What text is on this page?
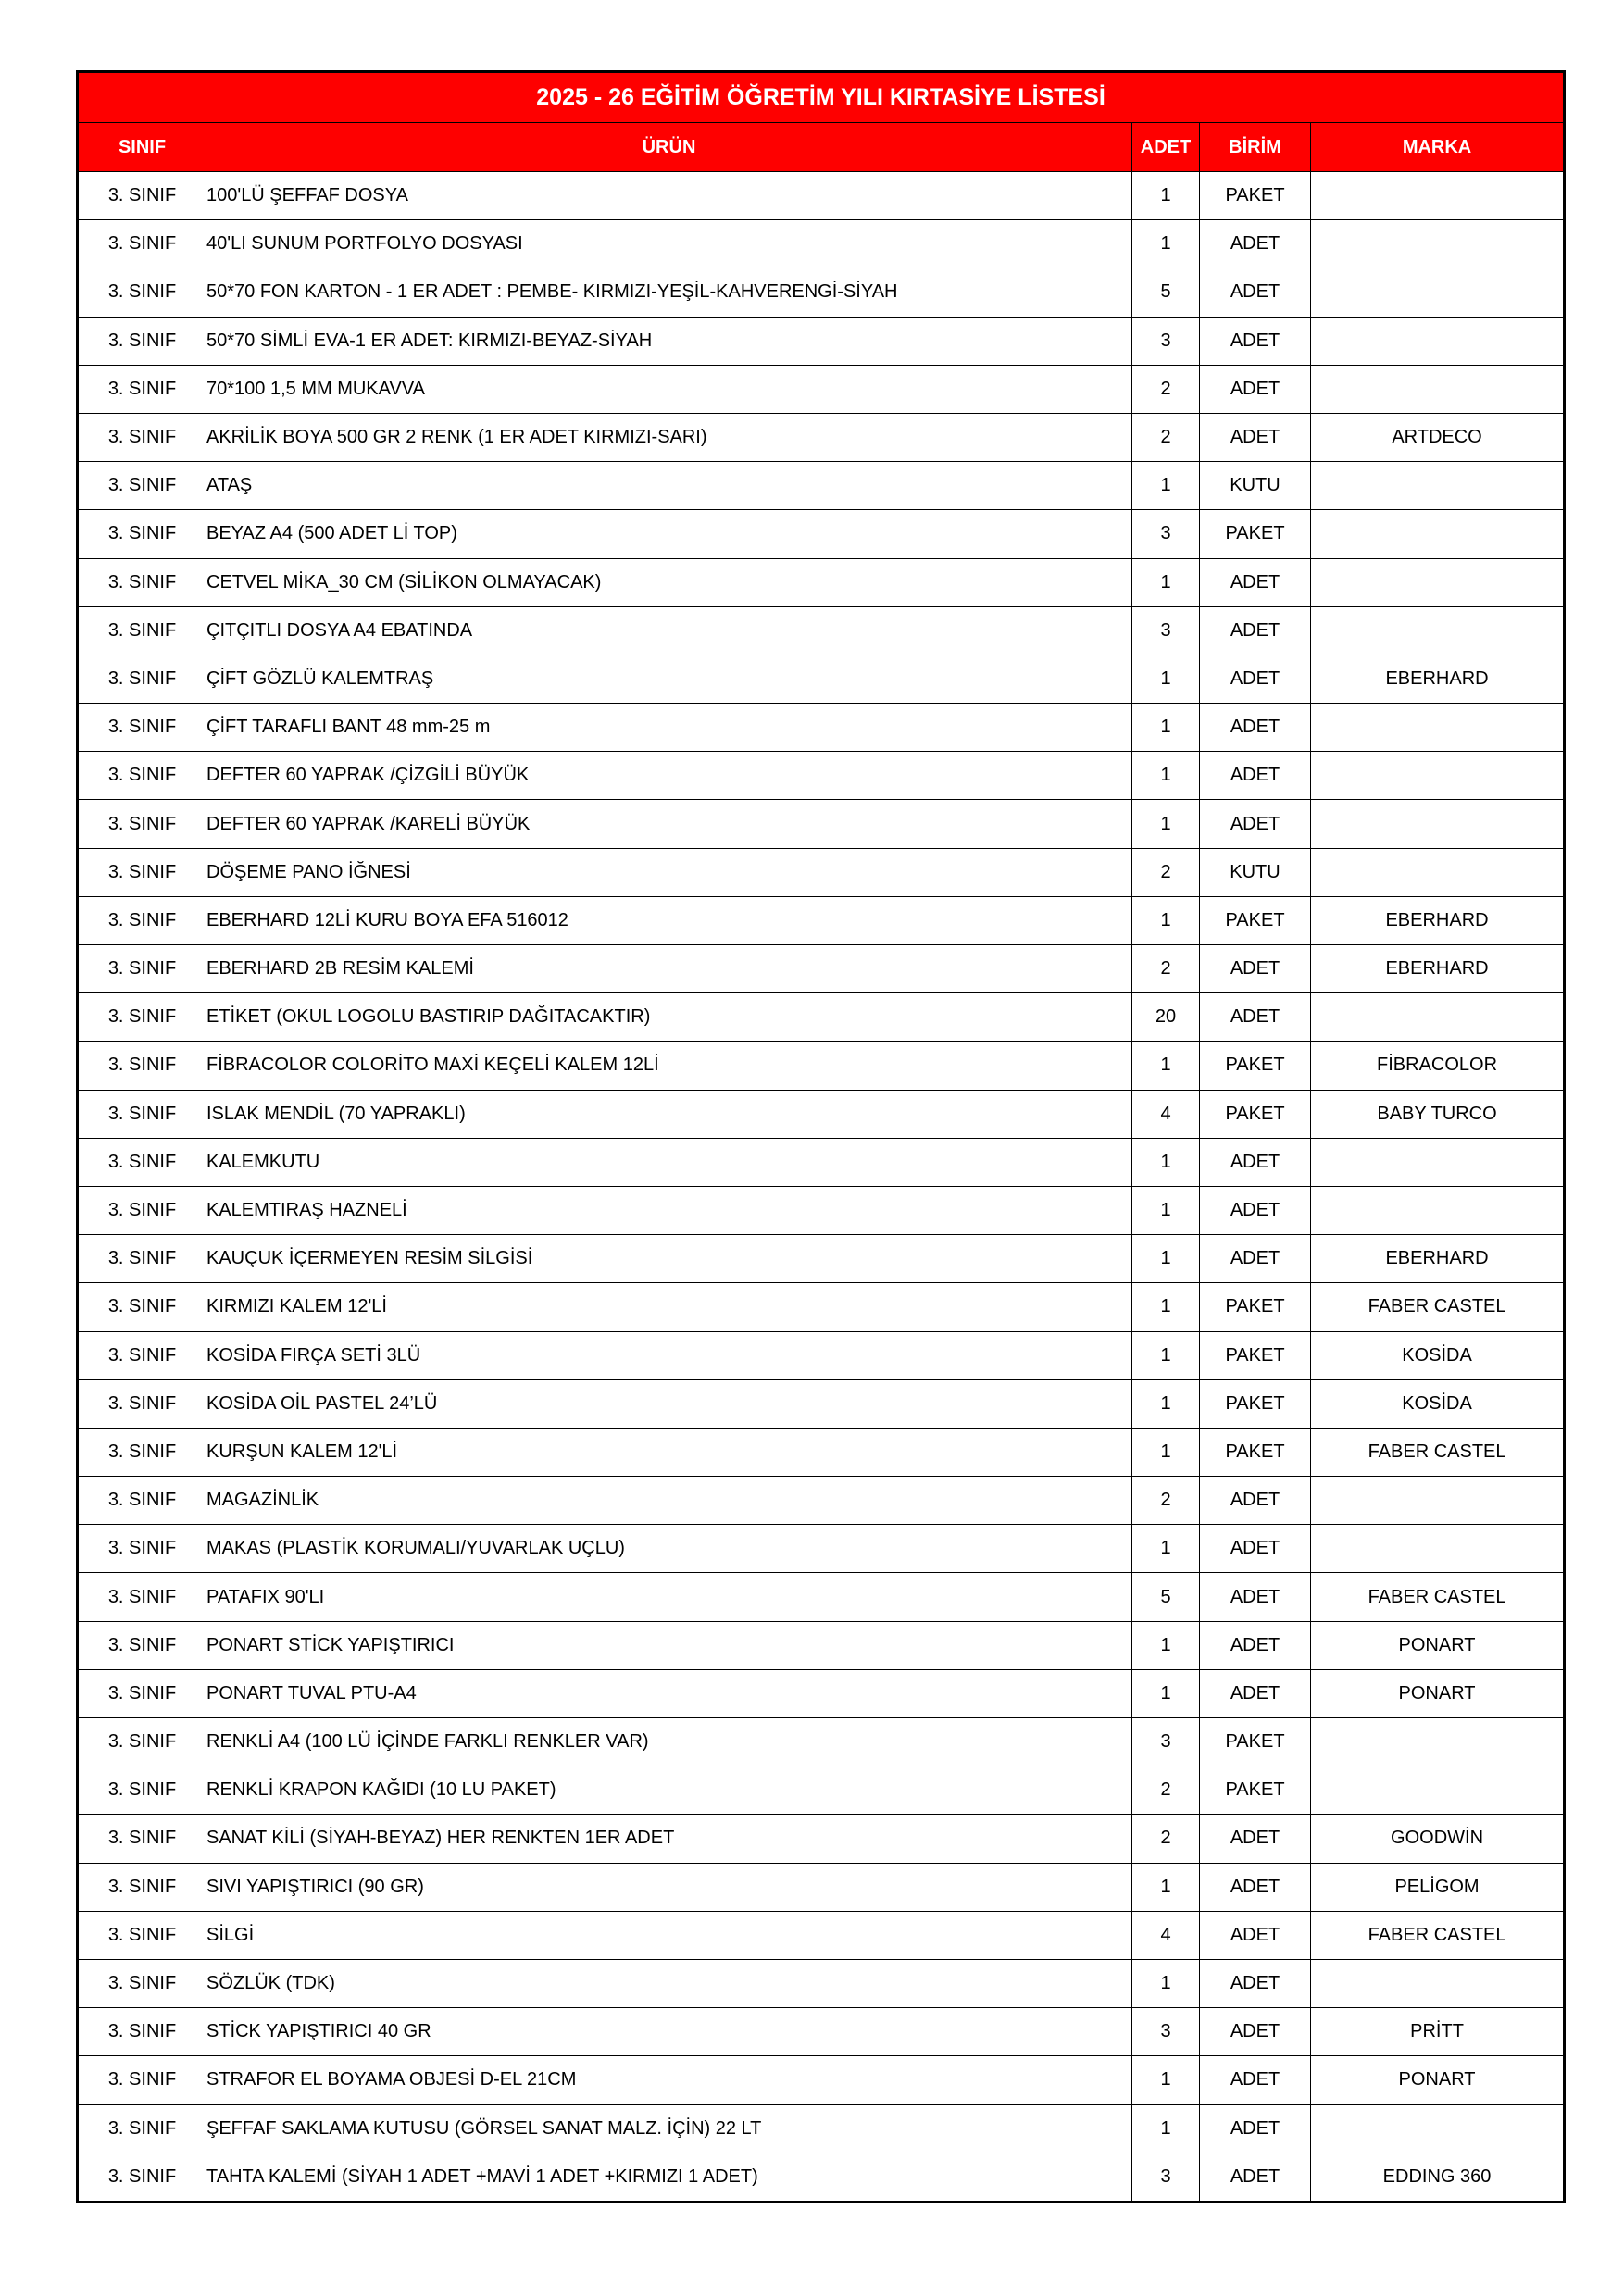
2025 - 26 EĞİTİM ÖĞRETİM YILI KIRTASİYE LİSTESİ				
SINIF	ÜRÜN	ADET	BİRİM	MARKA
3. SINIF	100'LÜ ŞEFFAF DOSYA	1	PAKET	
3. SINIF	40'LI SUNUM PORTFOLYO DOSYASI	1	ADET	
3. SINIF	50*70 FON KARTON - 1 ER ADET : PEMBE- KIRMIZI-YEŞİL-KAHVERENGİ-SİYAH	5	ADET	
3. SINIF	50*70 SİMLİ EVA-1 ER ADET: KIRMIZI-BEYAZ-SİYAH	3	ADET	
3. SINIF	70*100 1,5 MM MUKAVVA	2	ADET	
3. SINIF	AKRİLİK BOYA 500 GR 2 RENK (1 ER ADET KIRMIZI-SARI)	2	ADET	ARTDECO
3. SINIF	ATAŞ	1	KUTU	
3. SINIF	BEYAZ A4 (500 ADET Lİ TOP)	3	PAKET	
3. SINIF	CETVEL MİKA_30 CM (SİLİKON OLMAYACAK)	1	ADET	
3. SINIF	ÇITÇITLI DOSYA A4 EBATINDA	3	ADET	
3. SINIF	ÇİFT GÖZLÜ KALEMTRAŞ	1	ADET	EBERHARD
3. SINIF	ÇİFT TARAFLI BANT 48 mm-25 m	1	ADET	
3. SINIF	DEFTER 60 YAPRAK /ÇİZGİLİ BÜYÜK	1	ADET	
3. SINIF	DEFTER 60 YAPRAK /KARELİ BÜYÜK	1	ADET	
3. SINIF	DÖŞEME PANO İĞNESİ	2	KUTU	
3. SINIF	EBERHARD 12Lİ KURU BOYA EFA 516012	1	PAKET	EBERHARD
3. SINIF	EBERHARD 2B RESİM KALEMİ	2	ADET	EBERHARD
3. SINIF	ETİKET (OKUL LOGOLU BASTIRIP DAĞITACAKTIR)	20	ADET	
3. SINIF	FİBRACOLOR COLORİTO MAXİ KEÇELİ KALEM 12Lİ	1	PAKET	FİBRACOLOR
3. SINIF	ISLAK MENDİL (70 YAPRAKLI)	4	PAKET	BABY TURCO
3. SINIF	KALEMKUTU	1	ADET	
3. SINIF	KALEMTIRAŞ HAZNELİ	1	ADET	
3. SINIF	KAUÇUK İÇERMEYEN RESİM SİLGİSİ	1	ADET	EBERHARD
3. SINIF	KIRMIZI KALEM 12'Lİ	1	PAKET	FABER CASTEL
3. SINIF	KOSİDA FIRÇA SETİ 3LÜ	1	PAKET	KOSİDA
3. SINIF	KOSİDA OİL PASTEL 24’LÜ	1	PAKET	KOSİDA
3. SINIF	KURŞUN KALEM 12'Lİ	1	PAKET	FABER CASTEL
3. SINIF	MAGAZİNLİK	2	ADET	
3. SINIF	MAKAS (PLASTİK KORUMALI/YUVARLAK UÇLU)	1	ADET	
3. SINIF	PATAFIX 90'LI	5	ADET	FABER CASTEL
3. SINIF	PONART STİCK YAPIŞTIRICI	1	ADET	PONART
3. SINIF	PONART TUVAL PTU-A4	1	ADET	PONART
3. SINIF	RENKLİ A4 (100 LÜ İÇİNDE FARKLI RENKLER VAR)	3	PAKET	
3. SINIF	RENKLİ KRAPON KAĞIDI (10 LU PAKET)	2	PAKET	
3. SINIF	SANAT KİLİ (SİYAH-BEYAZ) HER RENKTEN 1ER ADET	2	ADET	GOODWİN
3. SINIF	SIVI YAPIŞTIRICI (90 GR)	1	ADET	PELİGOM
3. SINIF	SİLGİ	4	ADET	FABER CASTEL
3. SINIF	SÖZLÜK (TDK)	1	ADET	
3. SINIF	STİCK YAPIŞTIRICI 40 GR	3	ADET	PRİTT
3. SINIF	STRAFOR EL BOYAMA OBJESİ D-EL 21CM	1	ADET	PONART
3. SINIF	ŞEFFAF SAKLAMA KUTUSU (GÖRSEL SANAT MALZ. İÇİN) 22 LT	1	ADET	
3. SINIF	TAHTA KALEMİ (SİYAH 1 ADET +MAVİ 1 ADET +KIRMIZI 1 ADET)	3	ADET	EDDING 360
